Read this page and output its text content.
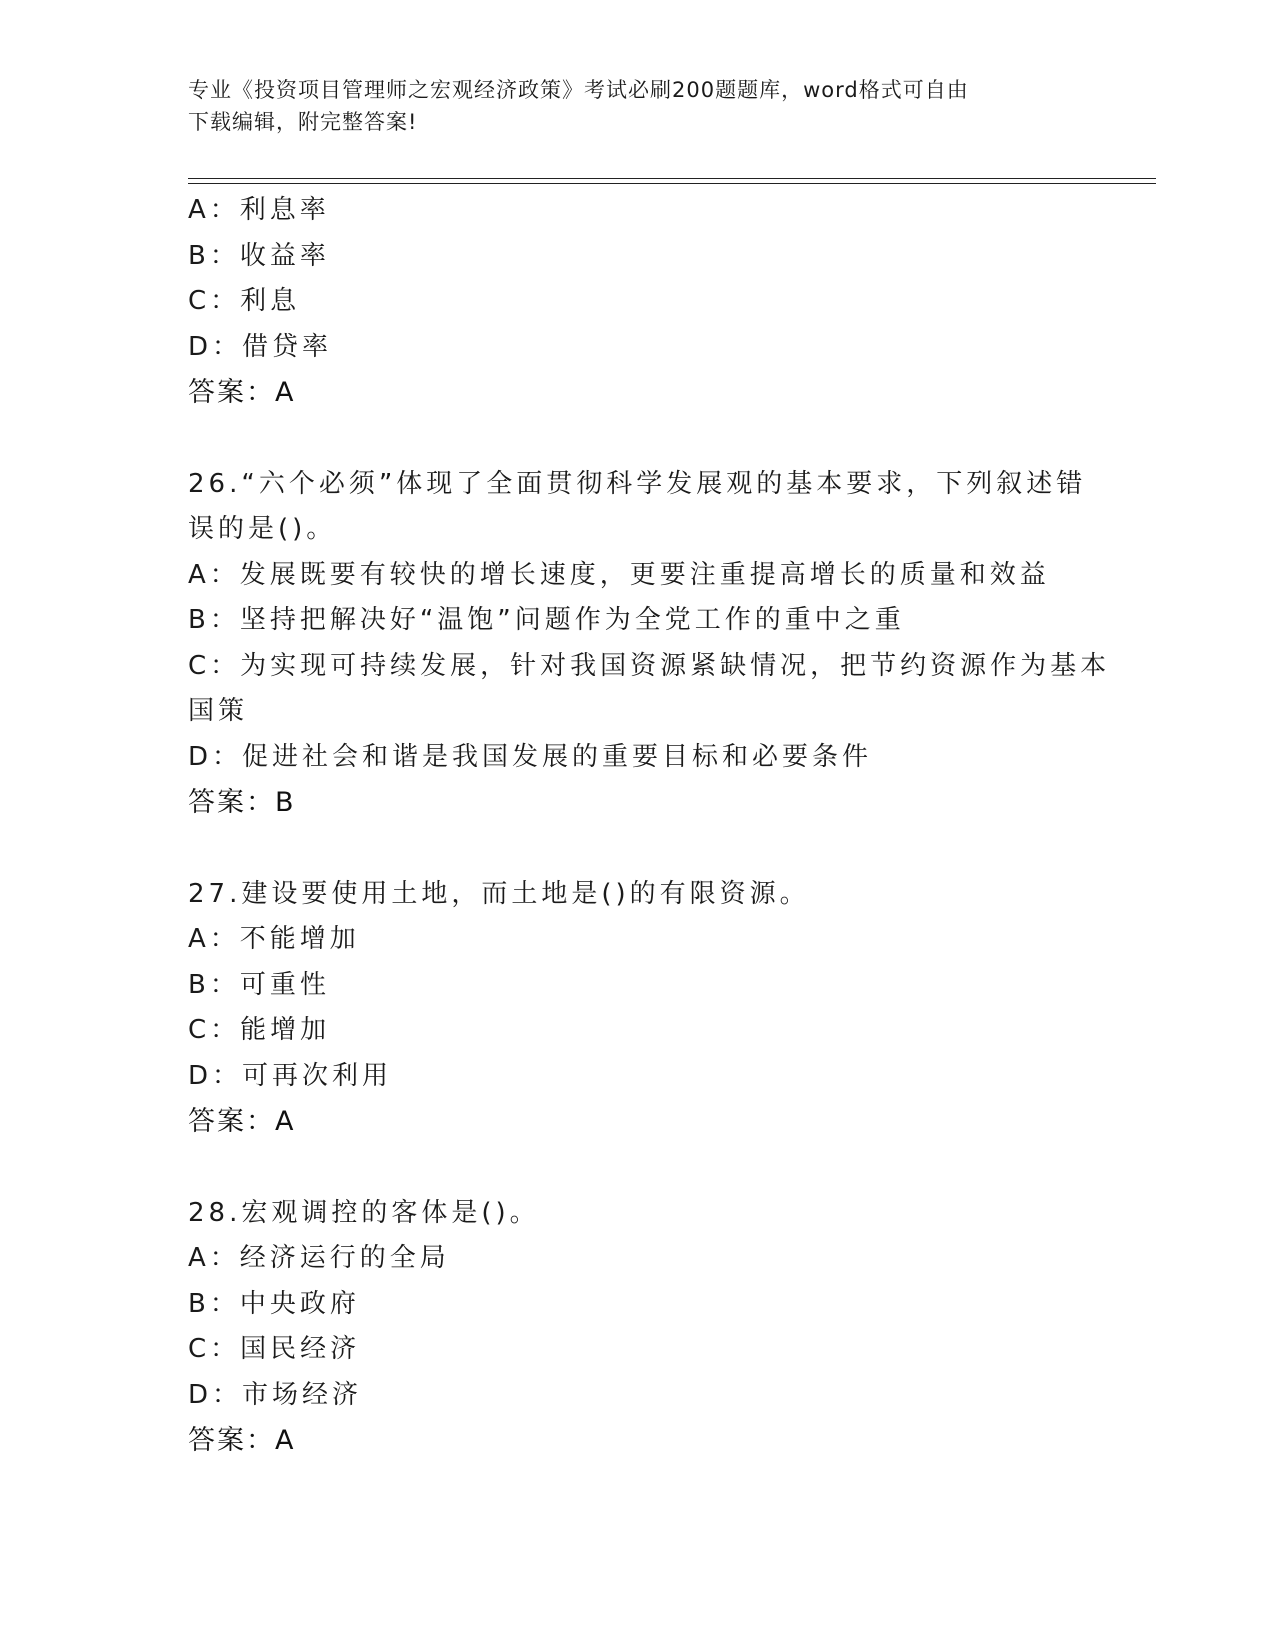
专业《投资项目管理师之宏观经济政策》考试必刷200题题库，word格式可自由
下载编辑，附完整答案!
A：利息率
B：收益率
C：利息
D：借贷率
答案：A
26.“六个必须”体现了全面贯彻科学发展观的基本要求，下列叙述错
误的是()。
A：发展既要有较快的增长速度，更要注重提高增长的质量和效益
B：坚持把解决好“温饱”问题作为全党工作的重中之重
C：为实现可持续发展，针对我国资源紧缺情况，把节约资源作为基本
国策
D：促进社会和谐是我国发展的重要目标和必要条件
答案：B
27.建设要使用土地，而土地是()的有限资源。
A：不能增加
B：可重性
C：能增加
D：可再次利用
答案：A
28.宏观调控的客体是()。
A：经济运行的全局
B：中央政府
C：国民经济
D：市场经济
答案：A
